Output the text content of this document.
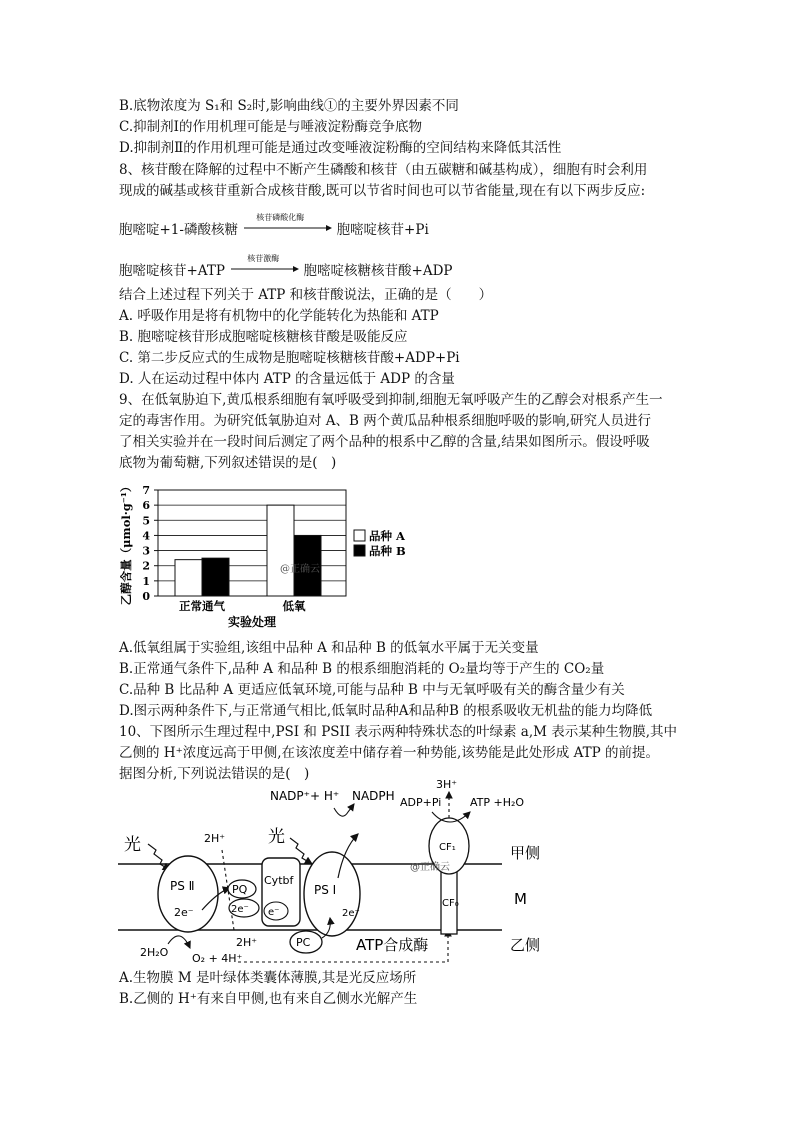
B.底物浓度为 S₁和 S₂时,影响曲线①的主要外界因素不同
C.抑制剂Ⅰ的作用机理可能是与唾液淀粉酶竞争底物
D.抑制剂Ⅱ的作用机理可能是通过改变唾液淀粉酶的空间结构来降低其活性
8、核苷酸在降解的过程中不断产生磷酸和核苷（由五碳糖和碱基构成），细胞有时会利用
现成的碱基或核苷重新合成核苷酸,既可以节省时间也可以节省能量,现在有以下两步反应:
胞嘧啶+1-磷酸核糖
核苷磷酸化酶
胞嘧啶核苷+Pi
胞嘧啶核苷+ATP
核苷激酶
胞嘧啶核糖核苷酸+ADP
结合上述过程下列关于 ATP 和核苷酸说法，正确的是（　　）
A. 呼吸作用是将有机物中的化学能转化为热能和 ATP
B. 胞嘧啶核苷形成胞嘧啶核糖核苷酸是吸能反应
C. 第二步反应式的生成物是胞嘧啶核糖核苷酸+ADP+Pi
D. 人在运动过程中体内 ATP 的含量远低于 ADP 的含量
9、在低氧胁迫下,黄瓜根系细胞有氧呼吸受到抑制,细胞无氧呼吸产生的乙醇会对根系产生一
定的毒害作用。为研究低氧胁迫对 A、B 两个黄瓜品种根系细胞呼吸的影响,研究人员进行
了相关实验并在一段时间后测定了两个品种的根系中乙醇的含量,结果如图所示。假设呼吸
底物为葡萄糖,下列叙述错误的是(　)
0
1
2
3
4
5
6
7
正常通气	低氧
实验处理
乙醇含量（μmol·g⁻¹）	品种 A
品种 B
@正确云
A.低氧组属于实验组,该组中品种 A 和品种 B 的低氧水平属于无关变量
B.正常通气条件下,品种 A 和品种 B 的根系细胞消耗的 O₂量均等于产生的 CO₂量
C.品种 B 比品种 A 更适应低氧环境,可能与品种 B 中与无氧呼吸有关的酶含量少有关
D.图示两种条件下,与正常通气相比,低氧时品种A和品种B 的根系吸收无机盐的能力均降低
10、下图所示生理过程中,PSI 和 PSII 表示两种特殊状态的叶绿素 a,M 表示某种生物膜,其中
乙侧的 H⁺浓度远高于甲侧,在该浓度差中储存着一种势能,该势能是此处形成 ATP 的前提。
据图分析,下列说法错误的是(　)
光
PS Ⅱ
2e⁻
2H⁺
PQ
2e⁻
Cytbf
e⁻
光
PS Ⅰ
2e⁻
NADP⁺+ H⁺ NADPH
PC
2H₂O O₂ + 4H⁺
2H⁺	ATP合成酶
CF₀
CF₁
3H⁺
ADP+Pi	ATP +H₂O
甲侧
M
乙侧
@正确云
A.生物膜 M 是叶绿体类囊体薄膜,其是光反应场所
B.乙侧的 H⁺有来自甲侧,也有来自乙侧水光解产生
